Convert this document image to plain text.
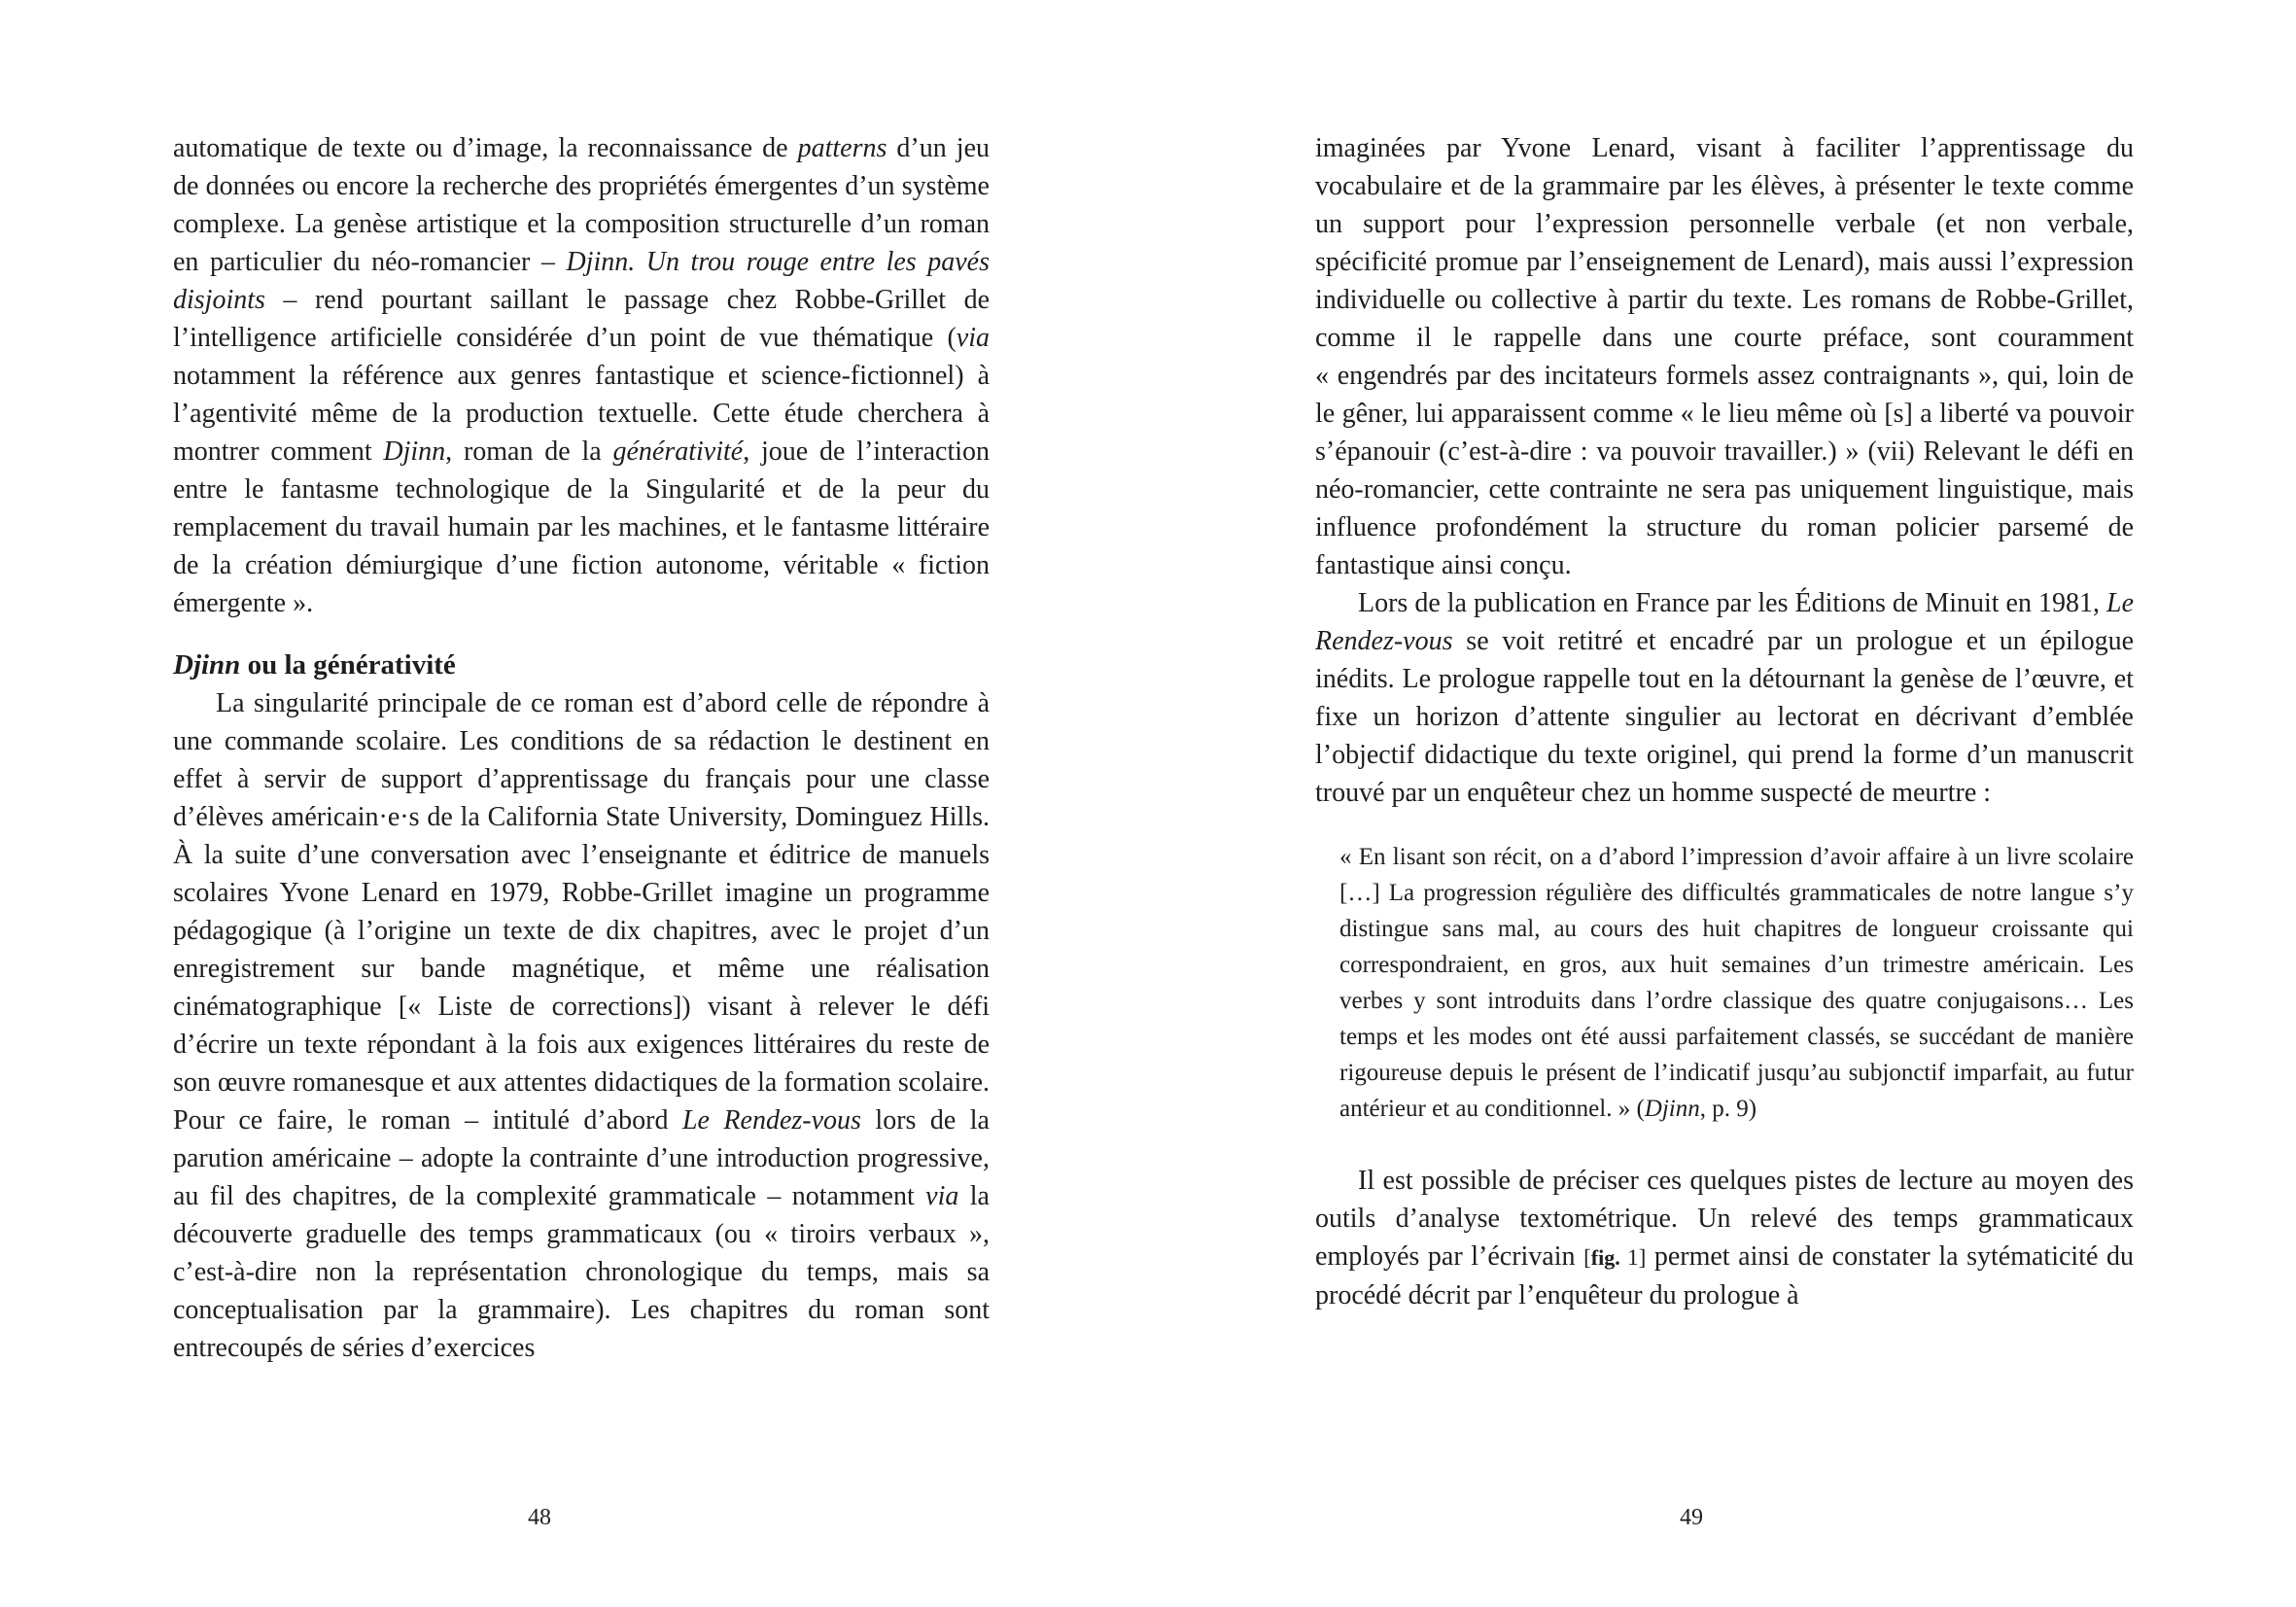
automatique de texte ou d’image, la reconnaissance de patterns d’un jeu de données ou encore la recherche des propriétés émergentes d’un système complexe. La genèse artistique et la composition structurelle d’un roman en particulier du néo-romancier – Djinn. Un trou rouge entre les pavés disjoints – rend pourtant saillant le passage chez Robbe-Grillet de l’intelligence artificielle considérée d’un point de vue thématique (via notamment la référence aux genres fantastique et science-fictionnel) à l’agentivité même de la production textuelle. Cette étude cherchera à montrer comment Djinn, roman de la générativité, joue de l’interaction entre le fantasme technologique de la Singularité et de la peur du remplacement du travail humain par les machines, et le fantasme littéraire de la création démiurgique d’une fiction autonome, véritable « fiction émergente ».

Djinn ou la générativité

La singularité principale de ce roman est d’abord celle de répondre à une commande scolaire. Les conditions de sa rédaction le destinent en effet à servir de support d’apprentissage du français pour une classe d’élèves américain·e·s de la California State University, Dominguez Hills. À la suite d’une conversation avec l’enseignante et éditrice de manuels scolaires Yvone Lenard en 1979, Robbe-Grillet imagine un programme pédagogique (à l’origine un texte de dix chapitres, avec le projet d’un enregistrement sur bande magnétique, et même une réalisation cinématographique [« Liste de corrections]) visant à relever le défi d’écrire un texte répondant à la fois aux exigences littéraires du reste de son œuvre romanesque et aux attentes didactiques de la formation scolaire. Pour ce faire, le roman – intitulé d’abord Le Rendez-vous lors de la parution américaine – adopte la contrainte d’une introduction progressive, au fil des chapitres, de la complexité grammaticale – notamment via la découverte graduelle des temps grammaticaux (ou « tiroirs verbaux », c’est-à-dire non la représentation chronologique du temps, mais sa conceptualisation par la grammaire). Les chapitres du roman sont entrecoupés de séries d’exercices

48

imaginées par Yvone Lenard, visant à faciliter l’apprentissage du vocabulaire et de la grammaire par les élèves, à présenter le texte comme un support pour l’expression personnelle verbale (et non verbale, spécificité promue par l’enseignement de Lenard), mais aussi l’expression individuelle ou collective à partir du texte. Les romans de Robbe-Grillet, comme il le rappelle dans une courte préface, sont couramment « engendrés par des incitateurs formels assez contraignants », qui, loin de le gêner, lui apparaissent comme « le lieu même où [s] a liberté va pouvoir s’épanouir (c’est-à-dire : va pouvoir travailler.) » (vii) Relevant le défi en néo-romancier, cette contrainte ne sera pas uniquement linguistique, mais influence profondément la structure du roman policier parsemé de fantastique ainsi conçu.

Lors de la publication en France par les Éditions de Minuit en 1981, Le Rendez-vous se voit retitré et encadré par un prologue et un épilogue inédits. Le prologue rappelle tout en la détournant la genèse de l’œuvre, et fixe un horizon d’attente singulier au lectorat en décrivant d’emblée l’objectif didactique du texte originel, qui prend la forme d’un manuscrit trouvé par un enquêteur chez un homme suspecté de meurtre :

« En lisant son récit, on a d’abord l’impression d’avoir affaire à un livre scolaire […] La progression régulière des difficultés grammaticales de notre langue s’y distingue sans mal, au cours des huit chapitres de longueur croissante qui correspondraient, en gros, aux huit semaines d’un trimestre américain. Les verbes y sont introduits dans l’ordre classique des quatre conjugaisons… Les temps et les modes ont été aussi parfaitement classés, se succédant de manière rigoureuse depuis le présent de l’indicatif jusqu’au subjonctif imparfait, au futur antérieur et au conditionnel. » (Djinn, p. 9)

Il est possible de préciser ces quelques pistes de lecture au moyen des outils d’analyse textométrique. Un relevé des temps grammaticaux employés par l’écrivain [fig. 1] permet ainsi de constater la sytématicité du procédé décrit par l’enquêteur du prologue à

49
